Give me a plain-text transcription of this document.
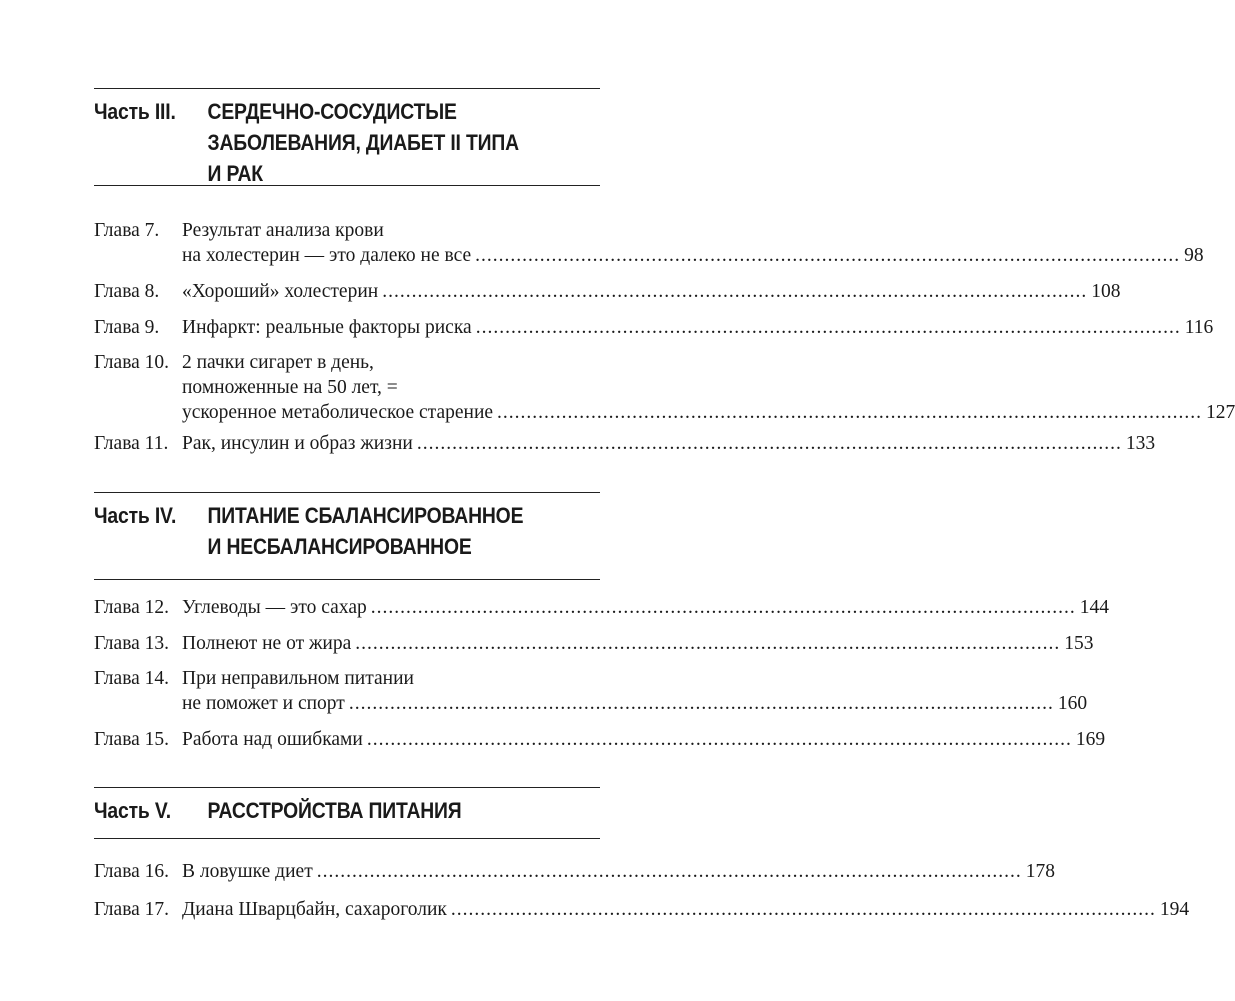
Часть III.	СЕРДЕЧНО-СОСУДИСТЫЕ
ЗАБОЛЕВАНИЯ, ДИАБЕТ II ТИПА
И РАК
Глава 7.	Результат анализа крови
на холестерин — это далеко не все .....	98
Глава 8.	«Хороший» холестерин .....	108
Глава 9.	Инфаркт: реальные факторы риска .....	116
Глава 10. 2 пачки сигарет в день,
помноженные на 50 лет, =
ускоренное метаболическое старение .....	127
Глава 11. Рак, инсулин и образ жизни .....	133
Часть IV.	ПИТАНИЕ СБАЛАНСИРОВАННОЕ
И НЕСБАЛАНСИРОВАННОЕ
Глава 12. Углеводы — это сахар .....	144
Глава 13. Полнеют не от жира .....	153
Глава 14. При неправильном питании
не поможет и спорт .....	160
Глава 15. Работа над ошибками .....	169
Часть V.	РАССТРОЙСТВА ПИТАНИЯ
Глава 16. В ловушке диет .....	178
Глава 17. Диана Шварцбайн, сахароголик .....	194
